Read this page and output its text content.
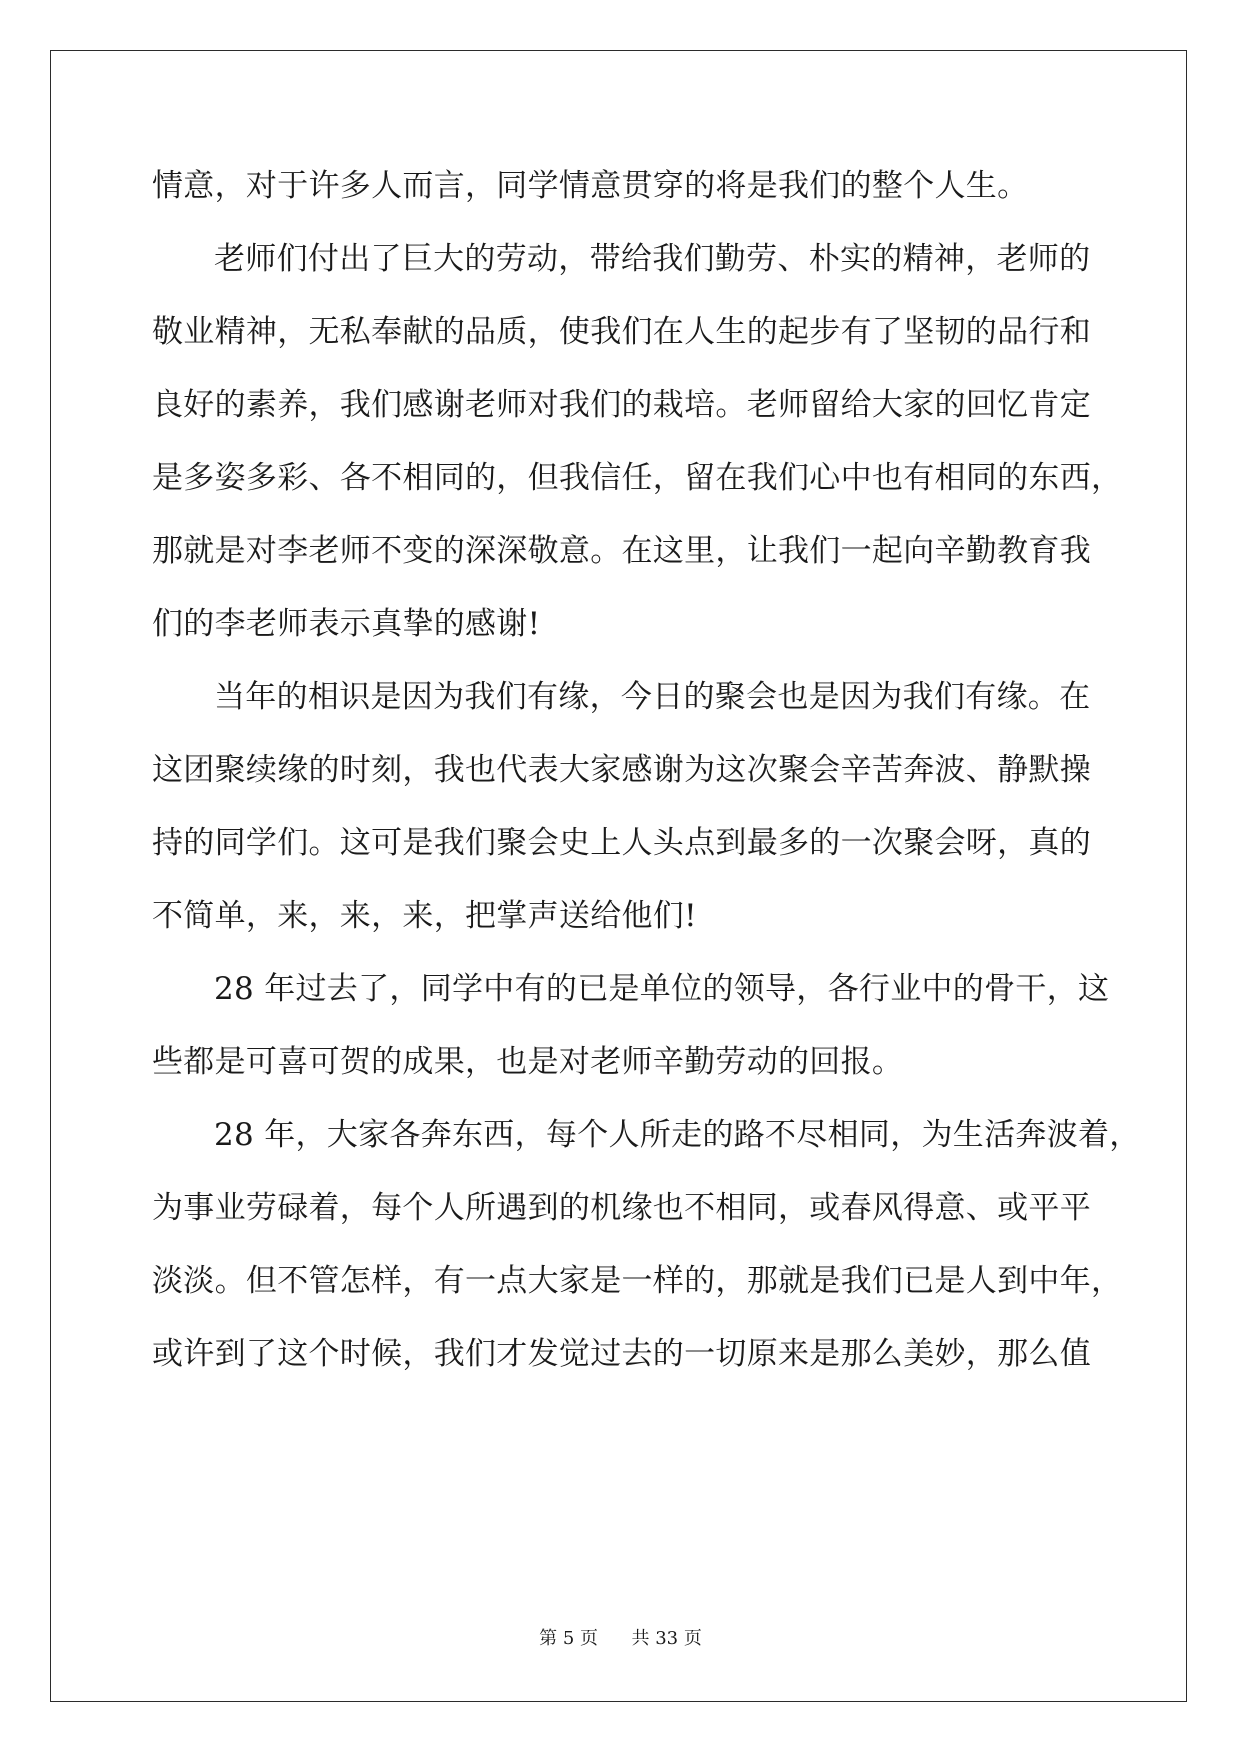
情意，对于许多人而言，同学情意贯穿的将是我们的整个人生。
老师们付出了巨大的劳动，带给我们勤劳、朴实的精神，老师的
敬业精神，无私奉献的品质，使我们在人生的起步有了坚韧的品行和
良好的素养，我们感谢老师对我们的栽培。老师留给大家的回忆肯定
是多姿多彩、各不相同的，但我信任，留在我们心中也有相同的东西，
那就是对李老师不变的深深敬意。在这里，让我们一起向辛勤教育我
们的李老师表示真挚的感谢!
当年的相识是因为我们有缘，今日的聚会也是因为我们有缘。在
这团聚续缘的时刻，我也代表大家感谢为这次聚会辛苦奔波、静默操
持的同学们。这可是我们聚会史上人头点到最多的一次聚会呀，真的
不简单，来，来，来，把掌声送给他们!
28 年过去了，同学中有的已是单位的领导，各行业中的骨干，这
些都是可喜可贺的成果，也是对老师辛勤劳动的回报。
28 年，大家各奔东西，每个人所走的路不尽相同，为生活奔波着，
为事业劳碌着，每个人所遇到的机缘也不相同，或春风得意、或平平
淡淡。但不管怎样，有一点大家是一样的，那就是我们已是人到中年，
或许到了这个时候，我们才发觉过去的一切原来是那么美妙，那么值
第 5 页 共 33 页
